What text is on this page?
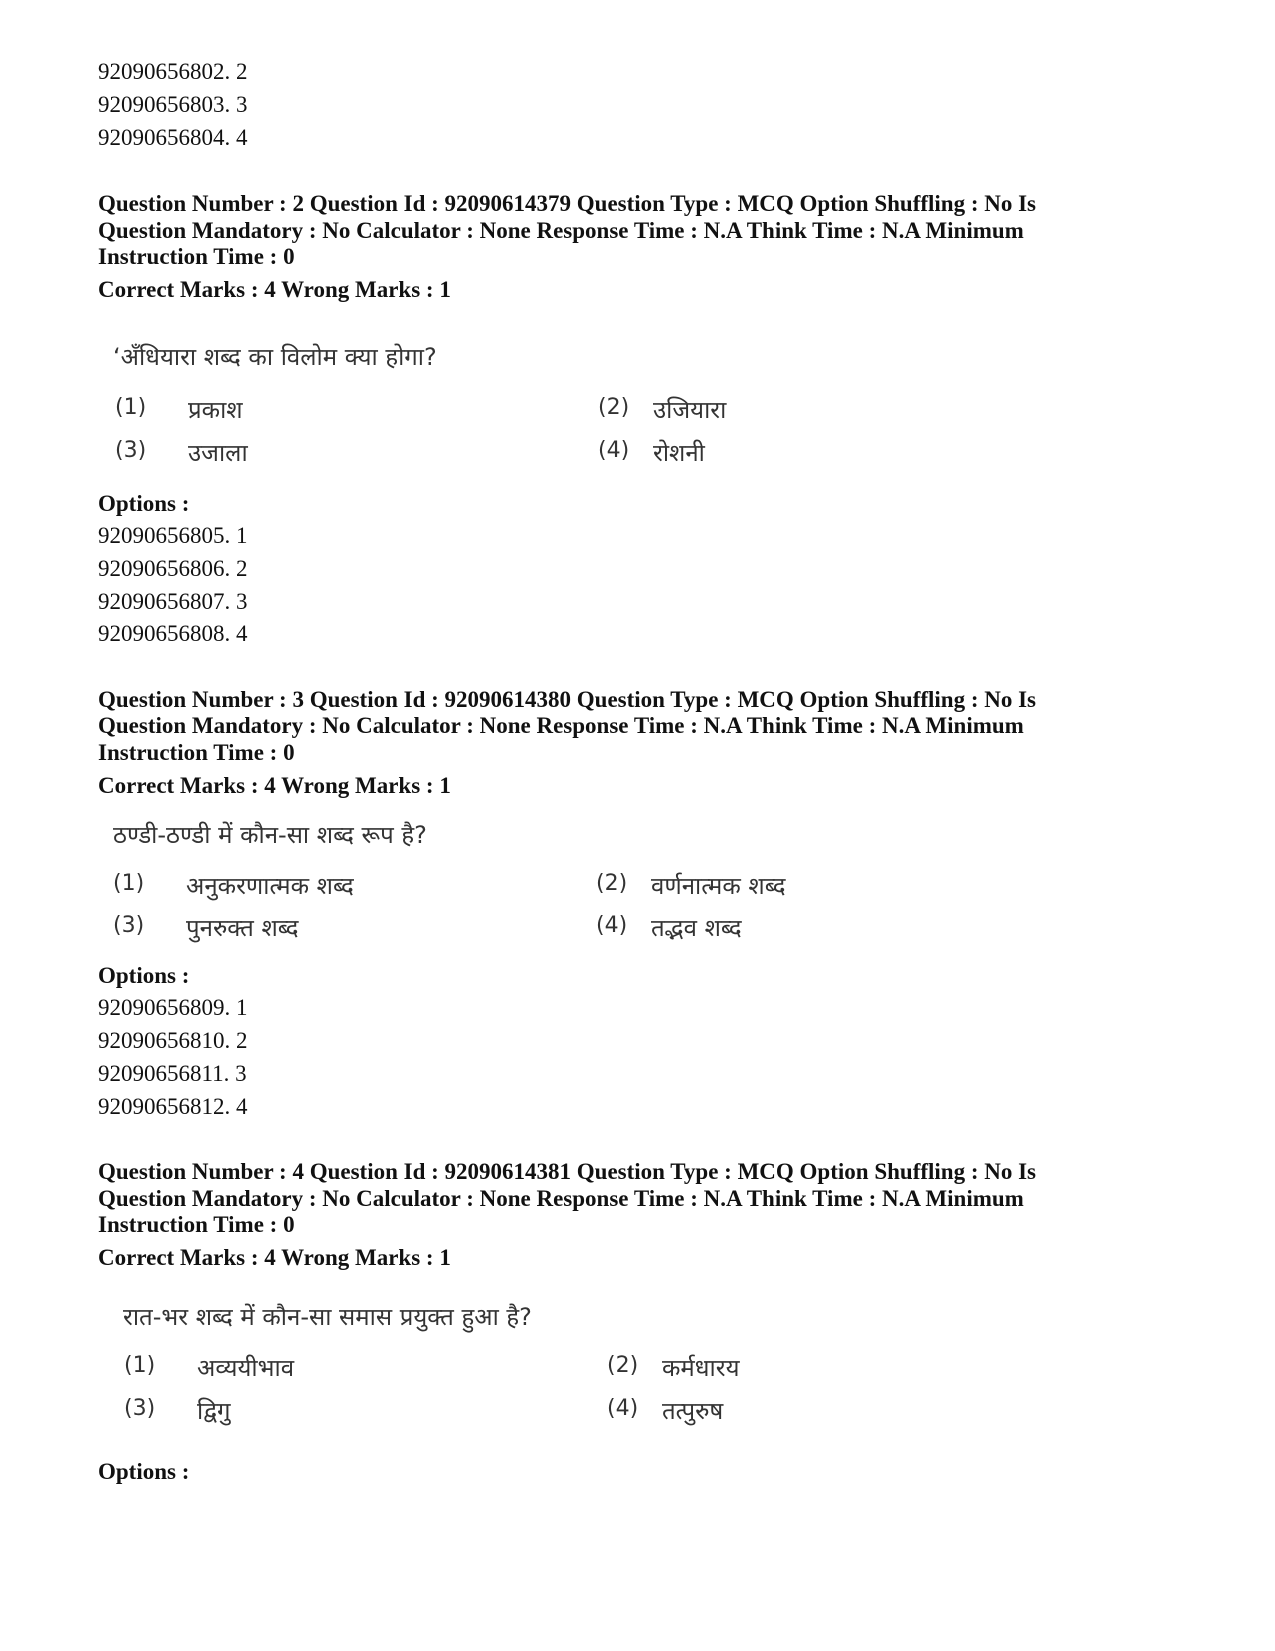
92090656802. 2
92090656803. 3
92090656804. 4
Question Number : 2 Question Id : 92090614379 Question Type : MCQ Option Shuffling : No Is
Question Mandatory : No Calculator : None Response Time : N.A Think Time : N.A Minimum
Instruction Time : 0
Correct Marks : 4 Wrong Marks : 1
‘अँधियारा शब्द का विलोम क्या होगा?
(1) प्रकाश	(2) उजियारा
(3) उजाला	(4) रोशनी
Options :
92090656805. 1
92090656806. 2
92090656807. 3
92090656808. 4
Question Number : 3 Question Id : 92090614380 Question Type : MCQ Option Shuffling : No Is
Question Mandatory : No Calculator : None Response Time : N.A Think Time : N.A Minimum
Instruction Time : 0
Correct Marks : 4 Wrong Marks : 1
ठण्डी-ठण्डी में कौन-सा शब्द रूप है?
(1) अनुकरणात्मक शब्द	(2) वर्णनात्मक शब्द
(3) पुनरुक्त शब्द	(4) तद्भव शब्द
Options :
92090656809. 1
92090656810. 2
92090656811. 3
92090656812. 4
Question Number : 4 Question Id : 92090614381 Question Type : MCQ Option Shuffling : No Is
Question Mandatory : No Calculator : None Response Time : N.A Think Time : N.A Minimum
Instruction Time : 0
Correct Marks : 4 Wrong Marks : 1
रात-भर शब्द में कौन-सा समास प्रयुक्त हुआ है?
(1) अव्ययीभाव	(2) कर्मधारय
(3) द्विगु	(4) तत्पुरुष
Options :
